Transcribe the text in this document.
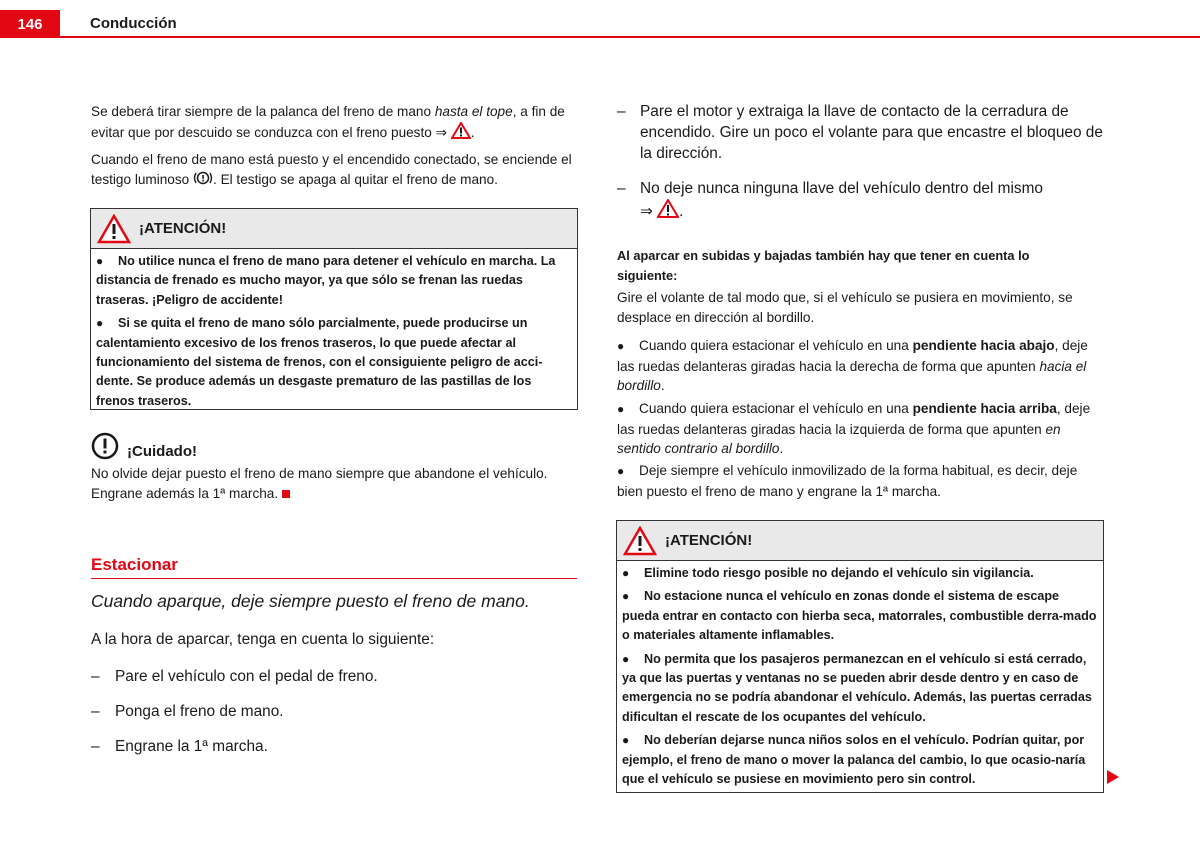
146	Conducción

Se deberá tirar siempre de la palanca del freno de mano hasta el tope, a fin de evitar que por descuido se conduzca con el freno puesto ⇒ .

Cuando el freno de mano está puesto y el encendido conectado, se enciende el testigo luminoso ! . El testigo se apaga al quitar el freno de mano.

¡ATENCIÓN!

● No utilice nunca el freno de mano para detener el vehículo en marcha. La distancia de frenado es mucho mayor, ya que sólo se frenan las ruedas traseras. ¡Peligro de accidente!

● Si se quita el freno de mano sólo parcialmente, puede producirse un calentamiento excesivo de los frenos traseros, lo que puede afectar al funcionamiento del sistema de frenos, con el consiguiente peligro de acci-dente. Se produce además un desgaste prematuro de las pastillas de los frenos traseros.

¡Cuidado!

No olvide dejar puesto el freno de mano siempre que abandone el vehículo. Engrane además la 1ª marcha.

Estacionar
Cuando aparque, deje siempre puesto el freno de mano.
A la hora de aparcar, tenga en cuenta lo siguiente:
– Pare el vehículo con el pedal de freno.
– Ponga el freno de mano.
– Engrane la 1ª marcha.
– Pare el motor y extraiga la llave de contacto de la cerradura de encendido. Gire un poco el volante para que encastre el bloqueo de la dirección.
– No deje nunca ninguna llave del vehículo dentro del mismo
⇒ .

Al aparcar en subidas y bajadas también hay que tener en cuenta lo siguiente:

Gire el volante de tal modo que, si el vehículo se pusiera en movimiento, se desplace en dirección al bordillo.

● Cuando quiera estacionar el vehículo en una pendiente hacia abajo, deje las ruedas delanteras giradas hacia la derecha de forma que apunten hacia el bordillo.

● Cuando quiera estacionar el vehículo en una pendiente hacia arriba, deje las ruedas delanteras giradas hacia la izquierda de forma que apunten en sentido contrario al bordillo.

● Deje siempre el vehículo inmovilizado de la forma habitual, es decir, deje bien puesto el freno de mano y engrane la 1ª marcha.

¡ATENCIÓN!

● Elimine todo riesgo posible no dejando el vehículo sin vigilancia.

● No estacione nunca el vehículo en zonas donde el sistema de escape pueda entrar en contacto con hierba seca, matorrales, combustible derra-mado o materiales altamente inflamables.

● No permita que los pasajeros permanezcan en el vehículo si está cerrado, ya que las puertas y ventanas no se pueden abrir desde dentro y en caso de emergencia no se podría abandonar el vehículo. Además, las puertas cerradas dificultan el rescate de los ocupantes del vehículo.

● No deberían dejarse nunca niños solos en el vehículo. Podrían quitar, por ejemplo, el freno de mano o mover la palanca del cambio, lo que ocasio-naría que el vehículo se pusiese en movimiento pero sin control.
